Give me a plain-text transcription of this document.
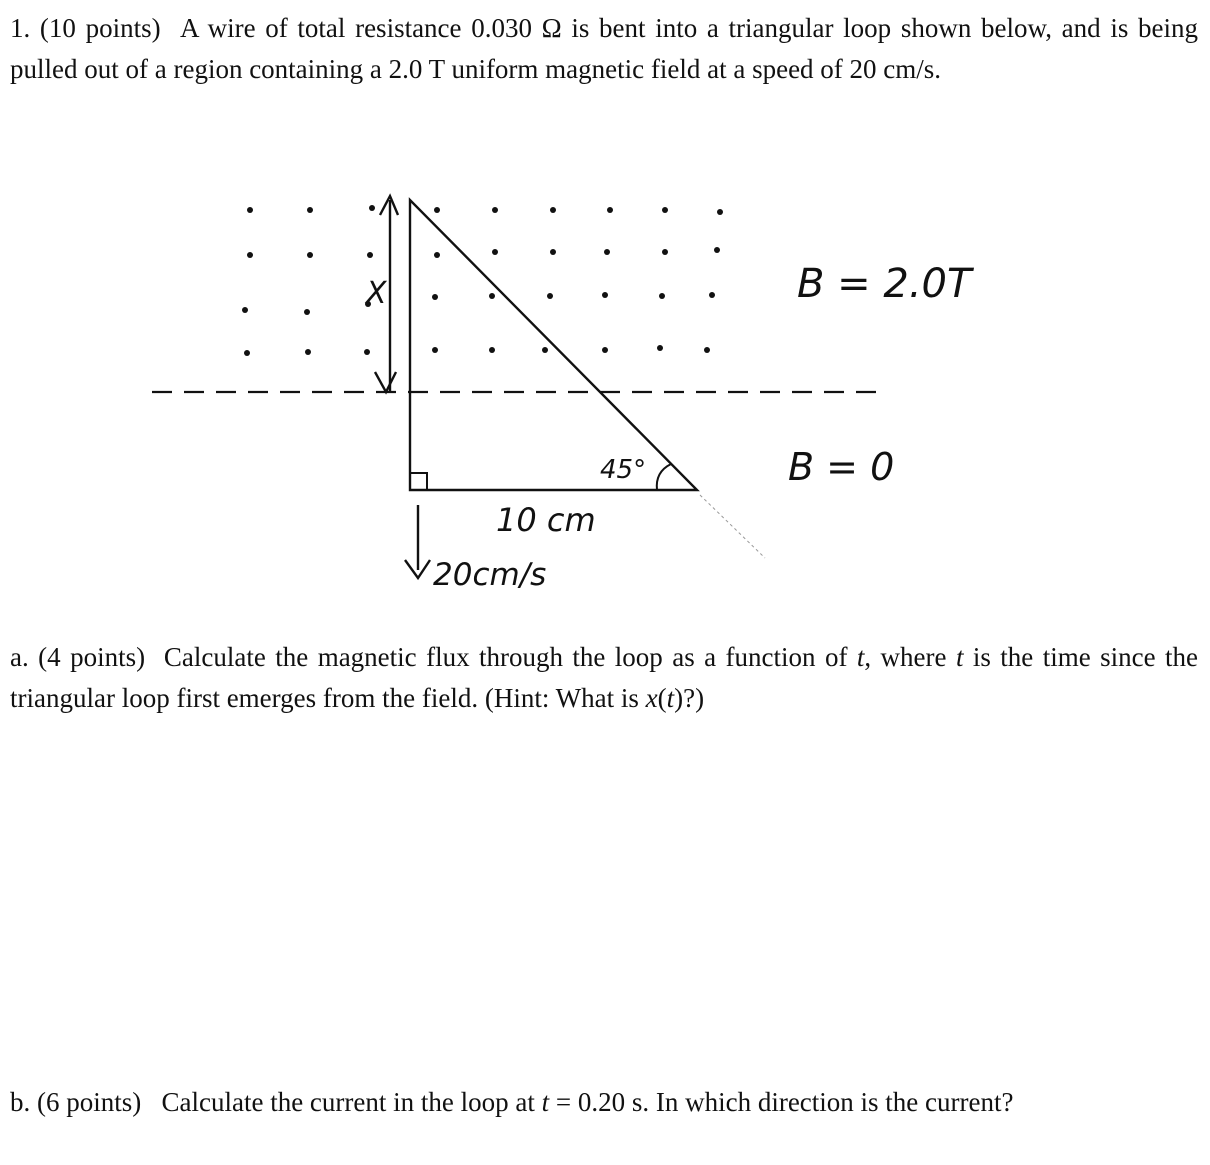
1. (10 points) A wire of total resistance 0.030 Ω is bent into a triangular loop shown below, and is being pulled out of a region containing a 2.0 T uniform magnetic field at a speed of 20 cm/s.

X	B = 2.0T
B = 0
45°
10 cm
20cm/s

a. (4 points) Calculate the magnetic flux through the loop as a function of t, where t is the time since the triangular loop first emerges from the field. (Hint: What is x(t)?)

b. (6 points) Calculate the current in the loop at t = 0.20 s. In which direction is the current?
